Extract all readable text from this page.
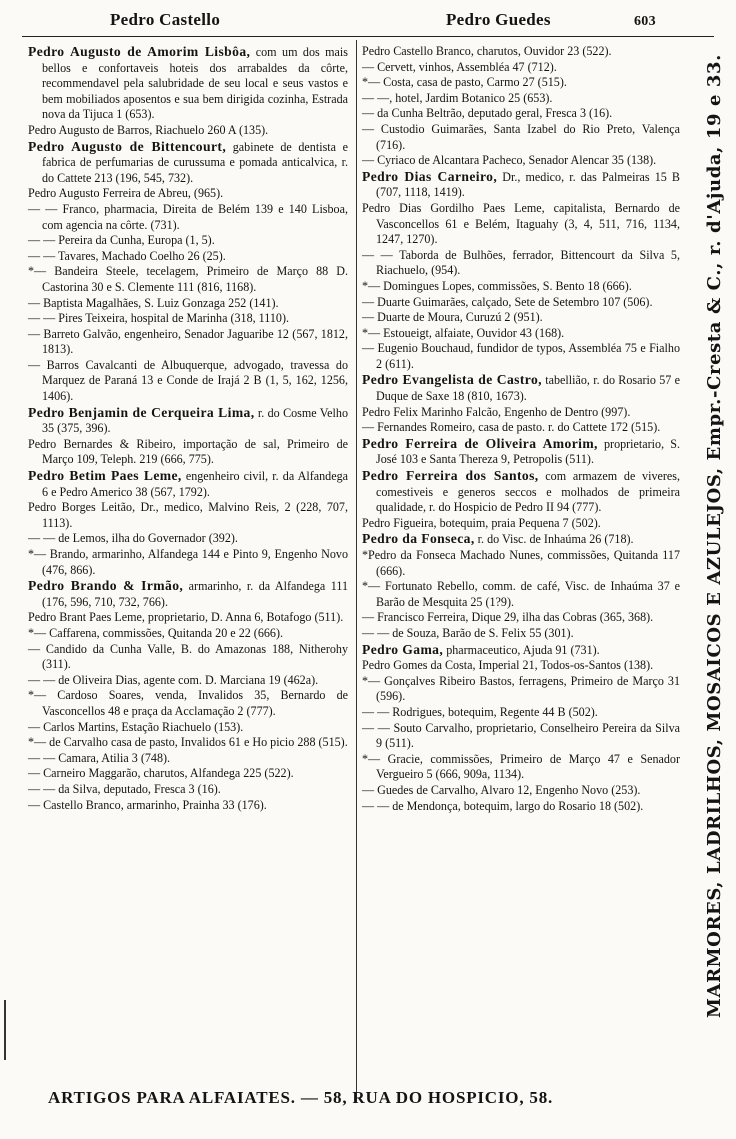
Pedro Castello	Pedro Guedes	603

Pedro Augusto de Amorim Lisbôa, com um dos mais bellos e confortaveis hoteis dos arrabaldes da côrte, recommendavel pela salubridade de seu local e seus vastos e bem mobiliados aposentos e sua bem dirigida cozinha, Estrada nova da Tijuca 1 (653).

Pedro Augusto de Barros, Riachuelo 260 A (135).

Pedro Augusto de Bittencourt, gabinete de dentista e fabrica de perfumarias de curussuma e pomada anticalvica, r. do Cattete 213 (196, 545, 732).

Pedro Augusto Ferreira de Abreu, (965).

— — Franco, pharmacia, Direita de Belém 139 e 140 Lisboa, com agencia na côrte. (731).

— — Pereira da Cunha, Europa (1, 5).

— — Tavares, Machado Coelho 26 (25).

*— Bandeira Steele, tecelagem, Primeiro de Março 88 D. Castorina 30 e S. Clemente 111 (816, 1168).

— Baptista Magalhães, S. Luiz Gonzaga 252 (141).

— — Pires Teixeira, hospital de Marinha (318, 1110).

— Barreto Galvão, engenheiro, Senador Jaguaribe 12 (567, 1812, 1813).

— Barros Cavalcanti de Albuquerque, advogado, travessa do Marquez de Paraná 13 e Conde de Irajá 2 B (1, 5, 162, 1256, 1406).

Pedro Benjamin de Cerqueira Lima, r. do Cosme Velho 35 (375, 396).

Pedro Bernardes & Ribeiro, importação de sal, Primeiro de Março 109, Teleph. 219 (666, 775).

Pedro Betim Paes Leme, engenheiro civil, r. da Alfandega 6 e Pedro Americo 38 (567, 1792).

Pedro Borges Leitão, Dr., medico, Malvino Reis, 2 (228, 707, 1113).

— — de Lemos, ilha do Governador (392).

*— Brando, armarinho, Alfandega 144 e Pinto 9, Engenho Novo (476, 866).

Pedro Brando & Irmão, armarinho, r. da Alfandega 111 (176, 596, 710, 732, 766).

Pedro Brant Paes Leme, proprietario, D. Anna 6, Botafogo (511).

*— Caffarena, commissões, Quitanda 20 e 22 (666).

— Candido da Cunha Valle, B. do Amazonas 188, Nitherohy (311).

— — de Oliveira Dias, agente com. D. Marciana 19 (462a).

*— Cardoso Soares, venda, Invalidos 35, Bernardo de Vasconcellos 48 e praça da Acclamação 2 (777).

— Carlos Martins, Estação Riachuelo (153).

*— de Carvalho casa de pasto, Invalidos 61 e Ho picio 288 (515).

— — Camara, Atilia 3 (748).

— Carneiro Maggarão, charutos, Alfandega 225 (522).

— — da Silva, deputado, Fresca 3 (16).

— Castello Branco, armarinho, Prainha 33 (176).

Pedro Castello Branco, charutos, Ouvidor 23 (522).

— Cervett, vinhos, Assembléa 47 (712).

*— Costa, casa de pasto, Carmo 27 (515).

— —, hotel, Jardim Botanico 25 (653).

— da Cunha Beltrão, deputado geral, Fresca 3 (16).

— Custodio Guimarães, Santa Izabel do Rio Preto, Valença (716).

— Cyriaco de Alcantara Pacheco, Senador Alencar 35 (138).

Pedro Dias Carneiro, Dr., medico, r. das Palmeiras 15 B (707, 1118, 1419).

Pedro Dias Gordilho Paes Leme, capitalista, Bernardo de Vasconcellos 61 e Belém, Itaguahy (3, 4, 511, 716, 1134, 1247, 1270).

— — Taborda de Bulhões, ferrador, Bittencourt da Silva 5, Riachuelo, (954).

*— Domingues Lopes, commissões, S. Bento 18 (666).

— Duarte Guimarães, calçado, Sete de Setembro 107 (506).

— Duarte de Moura, Curuzú 2 (951).

*— Estoueigt, alfaiate, Ouvidor 43 (168).

— Eugenio Bouchaud, fundidor de typos, Assembléa 75 e Fialho 2 (611).

Pedro Evangelista de Castro, tabellião, r. do Rosario 57 e Duque de Saxe 18 (810, 1673).

Pedro Felix Marinho Falcão, Engenho de Dentro (997).

— Fernandes Romeiro, casa de pasto. r. do Cattete 172 (515).

Pedro Ferreira de Oliveira Amorim, proprietario, S. José 103 e Santa Thereza 9, Petropolis (511).

Pedro Ferreira dos Santos, com armazem de viveres, comestiveis e generos seccos e molhados de primeira qualidade, r. do Hospicio de Pedro II 94 (777).

Pedro Figueira, botequim, praia Pequena 7 (502).

Pedro da Fonseca, r. do Visc. de Inhaúma 26 (718).

*Pedro da Fonseca Machado Nunes, commissões, Quitanda 117 (666).

*— Fortunato Rebello, comm. de café, Visc. de Inhaúma 37 e Barão de Mesquita 25 (1?9).

— Francisco Ferreira, Dique 29, ilha das Cobras (365, 368).

— — de Souza, Barão de S. Felix 55 (301).

Pedro Gama, pharmaceutico, Ajuda 91 (731).

Pedro Gomes da Costa, Imperial 21, Todos-os-Santos (138).

*— Gonçalves Ribeiro Bastos, ferragens, Primeiro de Março 31 (596).

— — Rodrigues, botequim, Regente 44 B (502).

— — Souto Carvalho, proprietario, Conselheiro Pereira da Silva 9 (511).

*— Gracie, commissões, Primeiro de Março 47 e Senador Vergueiro 5 (666, 909a, 1134).

— Guedes de Carvalho, Alvaro 12, Engenho Novo (253).

— — de Mendonça, botequim, largo do Rosario 18 (502).	MARMORES, LADRILHOS, MOSAICOS E AZULEJOS, Empr.-Cresta & C., r. d'Ajuda, 19 e 33.
ARTIGOS PARA ALFAIATES. — 58, RUA DO HOSPICIO, 58.
